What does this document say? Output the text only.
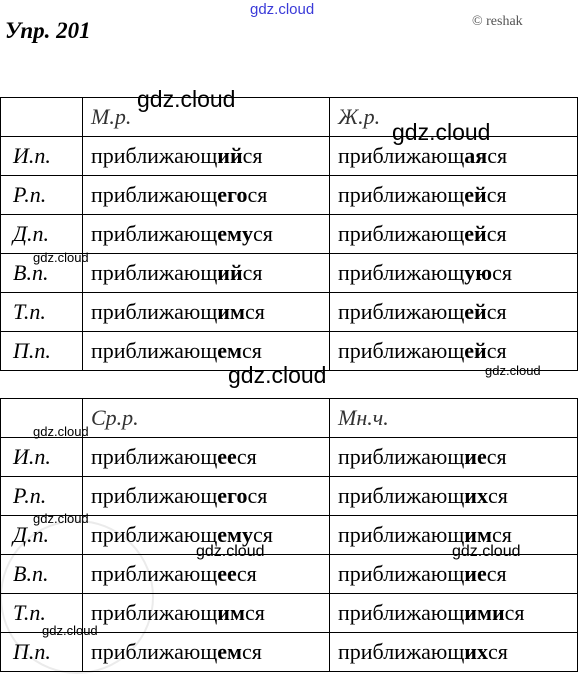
Упр. 201	© reshak
	М.р.	Ж.р.
И.п.	приближающийся	приближающаяся
Р.п.	приближающегося	приближающейся
Д.п.	приближающемуся	приближающейся
В.п.	приближающийся	приближающуюся
Т.п.	приближающимся	приближающейся
П.п.	приближающемся	приближающейся
	Ср.р.	Мн.ч.
И.п.	приближающееся	приближающиеся
Р.п.	приближающегося	приближающихся
Д.п.	приближающемуся	приближающимся
В.п.	приближающееся	приближающиеся
Т.п.	приближающимся	приближающимися
П.п.	приближающемся	приближающихся
gdz.cloud
gdz.cloud
gdz.cloud
gdz.cloud
gdz.cloud	gdz.cloud
gdz.cloud
gdz.cloud
gdz.cloud	gdz.cloud
gdz.cloud
